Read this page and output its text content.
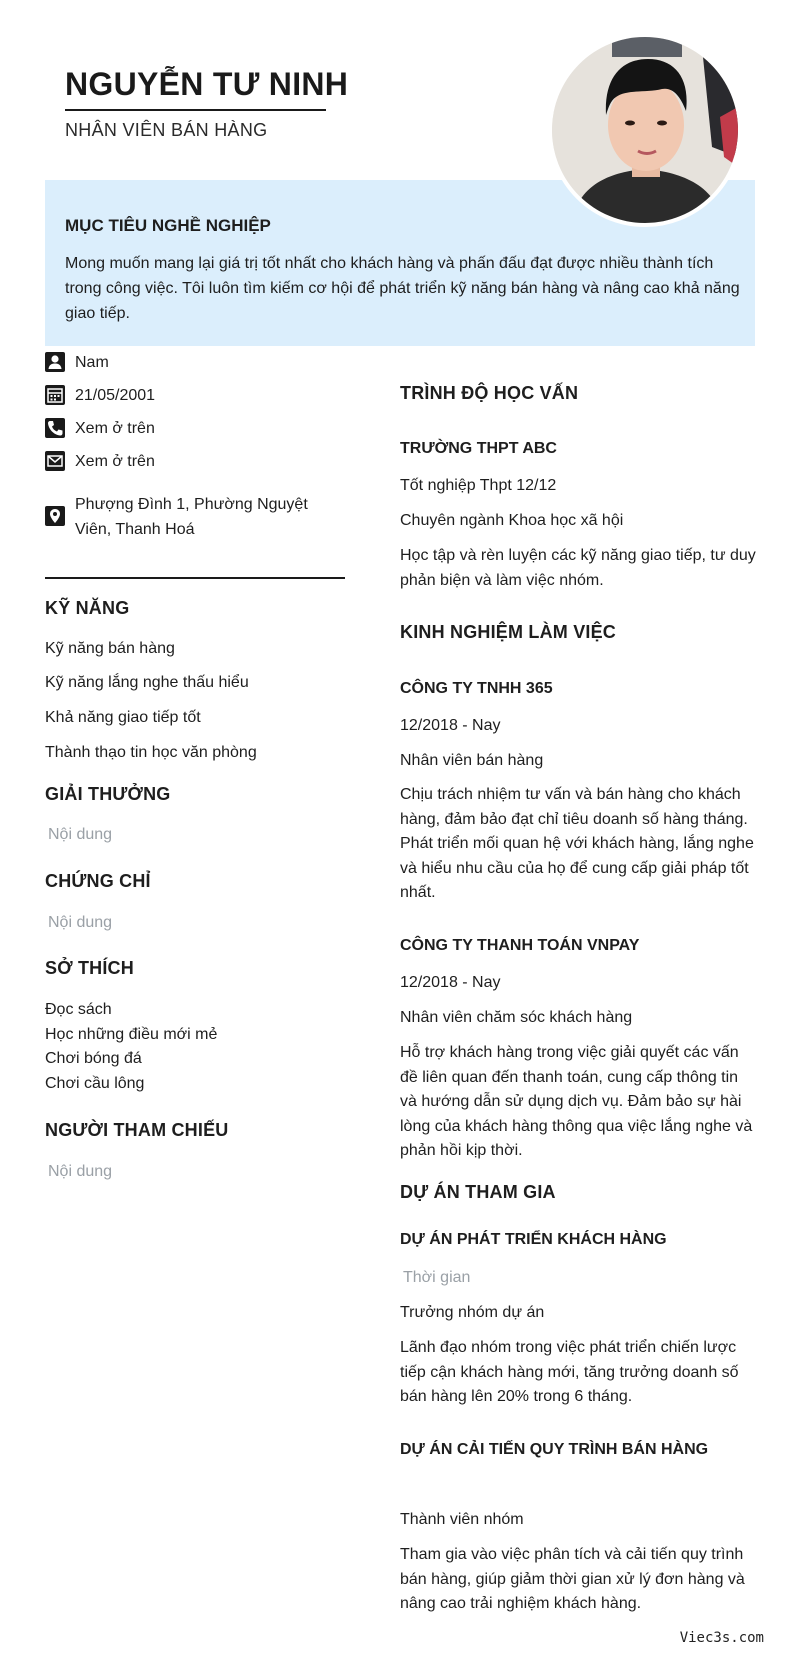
NGUYỄN TƯ NINH
NHÂN VIÊN BÁN HÀNG
MỤC TIÊU NGHỀ NGHIỆP
Mong muốn mang lại giá trị tốt nhất cho khách hàng và phấn đấu đạt được nhiều thành tích trong công việc. Tôi luôn tìm kiếm cơ hội để phát triển kỹ năng bán hàng và nâng cao khả năng giao tiếp.
Nam
21/05/2001
Xem ở trên
Xem ở trên
Phượng Đình 1, Phường Nguyệt Viên, Thanh Hoá
KỸ NĂNG
Kỹ năng bán hàng
Kỹ năng lắng nghe thấu hiểu
Khả năng giao tiếp tốt
Thành thạo tin học văn phòng
GIẢI THƯỞNG
Nội dung
CHỨNG CHỈ
Nội dung
SỞ THÍCH
Đọc sách
Học những điều mới mẻ
Chơi bóng đá
Chơi cầu lông
NGƯỜI THAM CHIẾU
Nội dung
TRÌNH ĐỘ HỌC VẤN
TRƯỜNG THPT ABC
Tốt nghiệp Thpt 12/12
Chuyên ngành Khoa học xã hội
Học tập và rèn luyện các kỹ năng giao tiếp, tư duy phản biện và làm việc nhóm.
KINH NGHIỆM LÀM VIỆC
CÔNG TY TNHH 365
12/2018 - Nay
Nhân viên bán hàng
Chịu trách nhiệm tư vấn và bán hàng cho khách hàng, đảm bảo đạt chỉ tiêu doanh số hàng tháng. Phát triển mối quan hệ với khách hàng, lắng nghe và hiểu nhu cầu của họ để cung cấp giải pháp tốt nhất.
CÔNG TY THANH TOÁN VNPAY
12/2018 - Nay
Nhân viên chăm sóc khách hàng
Hỗ trợ khách hàng trong việc giải quyết các vấn đề liên quan đến thanh toán, cung cấp thông tin và hướng dẫn sử dụng dịch vụ. Đảm bảo sự hài lòng của khách hàng thông qua việc lắng nghe và phản hồi kịp thời.
DỰ ÁN THAM GIA
DỰ ÁN PHÁT TRIỂN KHÁCH HÀNG
Thời gian
Trưởng nhóm dự án
Lãnh đạo nhóm trong việc phát triển chiến lược tiếp cận khách hàng mới, tăng trưởng doanh số bán hàng lên 20% trong 6 tháng.
DỰ ÁN CẢI TIẾN QUY TRÌNH BÁN HÀNG
Thành viên nhóm
Tham gia vào việc phân tích và cải tiến quy trình bán hàng, giúp giảm thời gian xử lý đơn hàng và nâng cao trải nghiệm khách hàng.
Viec3s.com
